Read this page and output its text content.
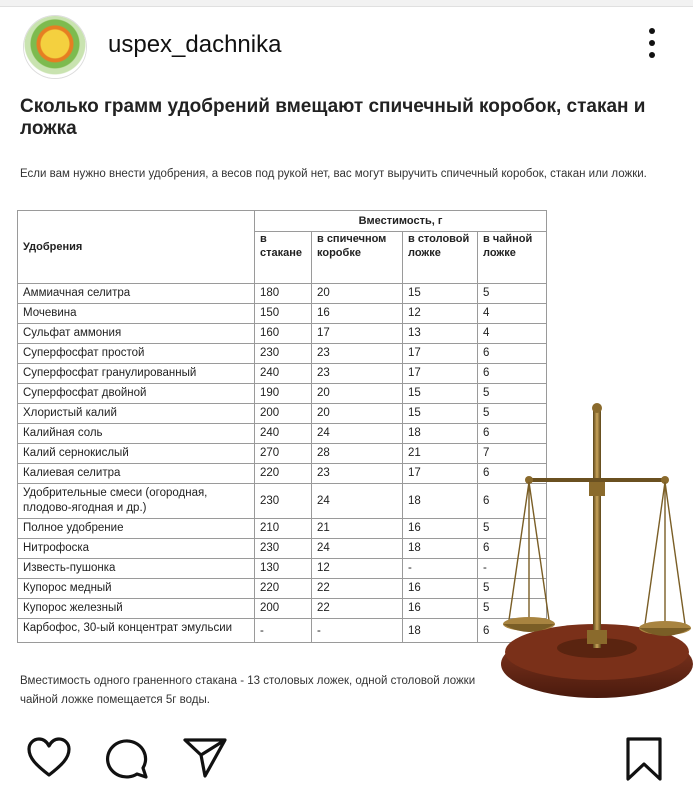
uspex_dachnika
Сколько грамм удобрений вмещают спичечный коробок, стакан и ложка
Если вам нужно внести удобрения, а весов под рукой нет, вас могут выручить спичечный коробок, стакан или ложки.
Удобрения	Вместимость, г			
	в стакане	в спичечном коробке	в столовой ложке	в чайной ложке
Аммиачная селитра	180	20	15	5
Мочевина	150	16	12	4
Сульфат аммония	160	17	13	4
Суперфосфат простой	230	23	17	6
Суперфосфат гранулированный	240	23	17	6
Суперфосфат двойной	190	20	15	5
Хлористый калий	200	20	15	5
Калийная соль	240	24	18	6
Калий сернокислый	270	28	21	7
Калиевая селитра	220	23	17	6
Удобрительные смеси (огородная, плодово-ягодная и др.)	230	24	18	6
Полное удобрение	210	21	16	5
Нитрофоска	230	24	18	6
Известь-пушонка	130	12	-	-
Купорос медный	220	22	16	5
Купорос железный	200	22	16	5
Карбофос, 30-ый концентрат эмульсии	-	-	18	6
Вместимость одного граненного стакана - 13 столовых ложек, одной столовой ложки
чайной ложке помещается 5г воды.
